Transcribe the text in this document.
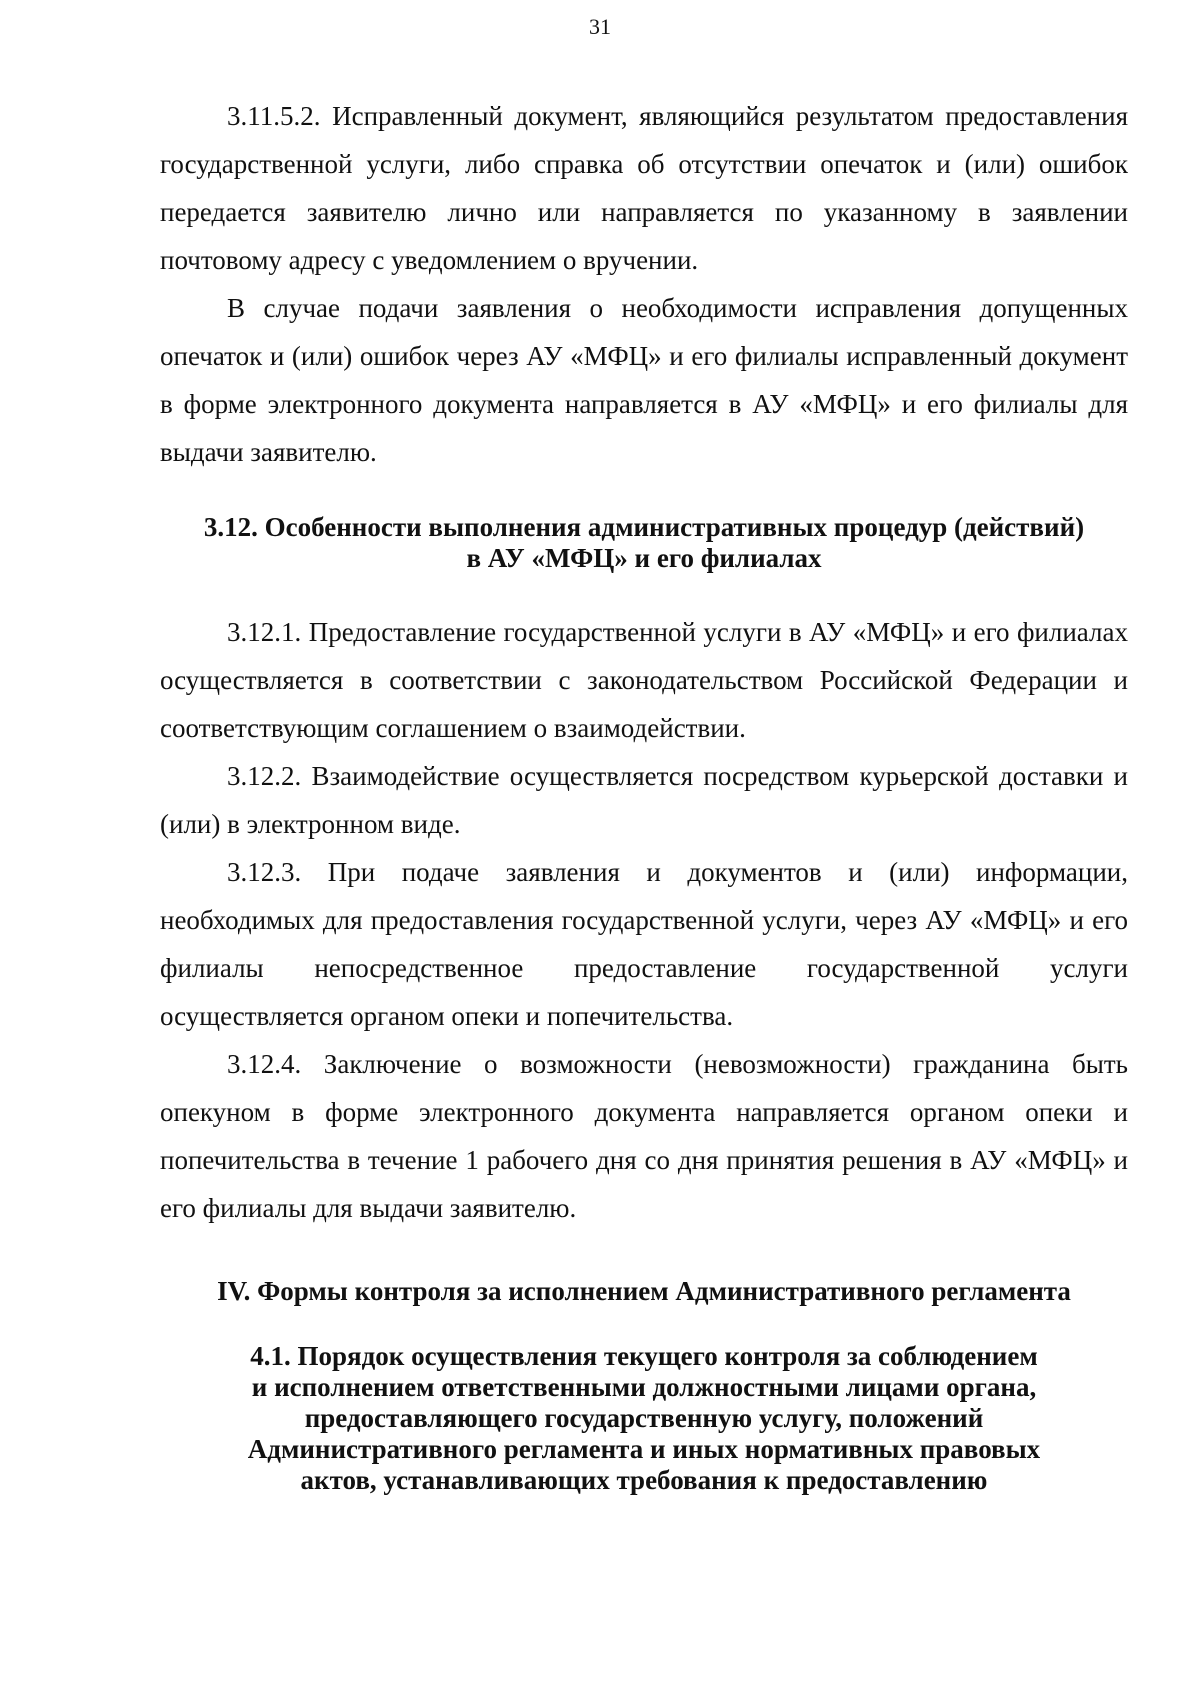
31

3.11.5.2. Исправленный документ, являющийся результатом предоставления государственной услуги, либо справка об отсутствии опечаток и (или) ошибок передается заявителю лично или направляется по указанному в заявлении почтовому адресу с уведомлением о вручении.

В случае подачи заявления о необходимости исправления допущенных опечаток и (или) ошибок через АУ «МФЦ» и его филиалы исправленный документ в форме электронного документа направляется в АУ «МФЦ» и его филиалы для выдачи заявителю.

3.12. Особенности выполнения административных процедур (действий)
в АУ «МФЦ» и его филиалах

3.12.1. Предоставление государственной услуги в АУ «МФЦ» и его филиалах осуществляется в соответствии с законодательством Российской Федерации и соответствующим соглашением о взаимодействии.

3.12.2. Взаимодействие осуществляется посредством курьерской доставки и (или) в электронном виде.

3.12.3. При подаче заявления и документов и (или) информации, необходимых для предоставления государственной услуги, через АУ «МФЦ» и его филиалы непосредственное предоставление государственной услуги осуществляется органом опеки и попечительства.

3.12.4. Заключение о возможности (невозможности) гражданина быть опекуном в форме электронного документа направляется органом опеки и попечительства в течение 1 рабочего дня со дня принятия решения в АУ «МФЦ» и его филиалы для выдачи заявителю.

IV. Формы контроля за исполнением Административного регламента
4.1. Порядок осуществления текущего контроля за соблюдением
и исполнением ответственными должностными лицами органа,
предоставляющего государственную услугу, положений
Административного регламента и иных нормативных правовых
актов, устанавливающих требования к предоставлению
